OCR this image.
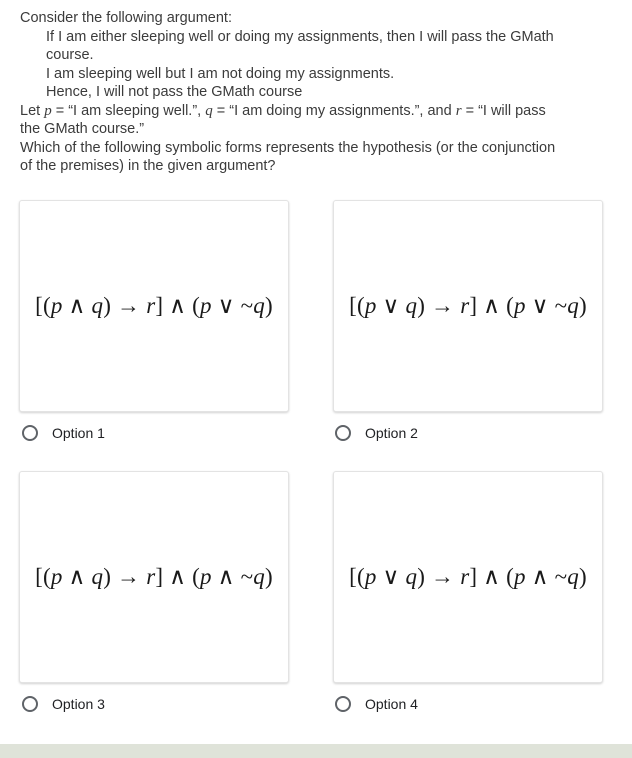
Consider the following argument:
If I am either sleeping well or doing my assignments, then I will pass the GMath
course.
I am sleeping well but I am not doing my assignments.
Hence, I will not pass the GMath course
Let p = “I am sleeping well.”, q = “I am doing my assignments.”, and r = “I will pass
the GMath course.”
Which of the following symbolic forms represents the hypothesis (or the conjunction
of the premises) in the given argument?
[(p ∧ q) → r] ∧ (p ∨ ~q)
Option 1
[(p ∨ q) → r] ∧ (p ∨ ~q)
Option 2
[(p ∧ q) → r] ∧ (p ∧ ~q)
Option 3
[(p ∨ q) → r] ∧ (p ∧ ~q)
Option 4
